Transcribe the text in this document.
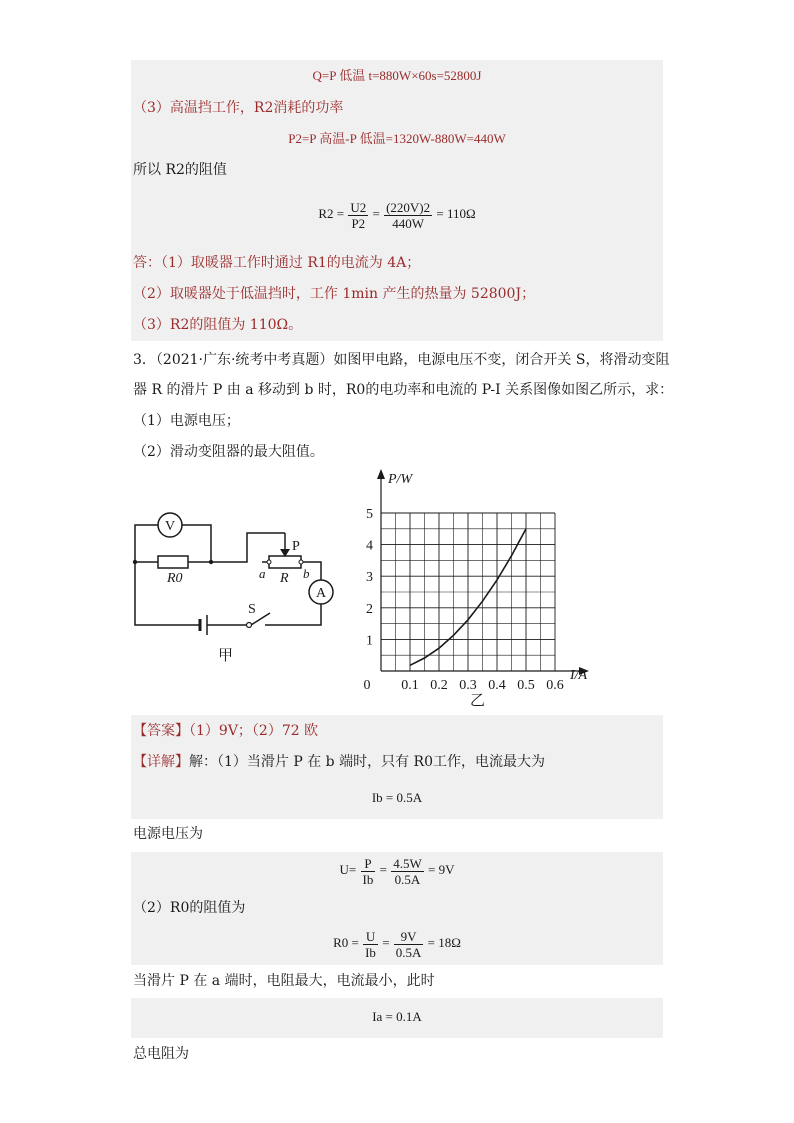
Q=P 低温 t=880W×60s=52800J
（3）高温挡工作，R2消耗的功率
P2=P 高温-P 低温=1320W-880W=440W
所以 R2的阻值
$R2 = \frac{U2}{P2} = \frac{(220V)2}{440W} = 110\Omega$
答：（1）取暖器工作时通过 R1的电流为 4A；
（2）取暖器处于低温挡时，工作 1min 产生的热量为 52800J；
（3）R2的阻值为 110Ω。
3．（2021·广东·统考中考真题）如图甲电路，电源电压不变，闭合开关 S，将滑动变阻
器 R 的滑片 P 由 a 移动到 b 时，R0的电功率和电流的 P-I 关系图像如图乙所示，求：
（1）电源电压；
（2）滑动变阻器的最大阻值。
V
A
R0	R
P
a	b
S
甲
0 0.1 0.2 0.3 0.4 0.5 0.6
1
2
3
4
5
P/W
I/A
乙
【答案】（1）9V；（2）72 欧
【详解】解：（1）当滑片 P 在 b 端时，只有 R0工作，电流最大为
Ib = 0.5A
电源电压为
$U= \frac{P}{Ib} = \frac{4.5W}{0.5A} = 9V$
（2）R0的阻值为
$R0 = \frac{U}{Ib} = \frac{9V}{0.5A} = 18\Omega$
当滑片 P 在 a 端时，电阻最大，电流最小，此时
Ia = 0.1A
总电阻为
